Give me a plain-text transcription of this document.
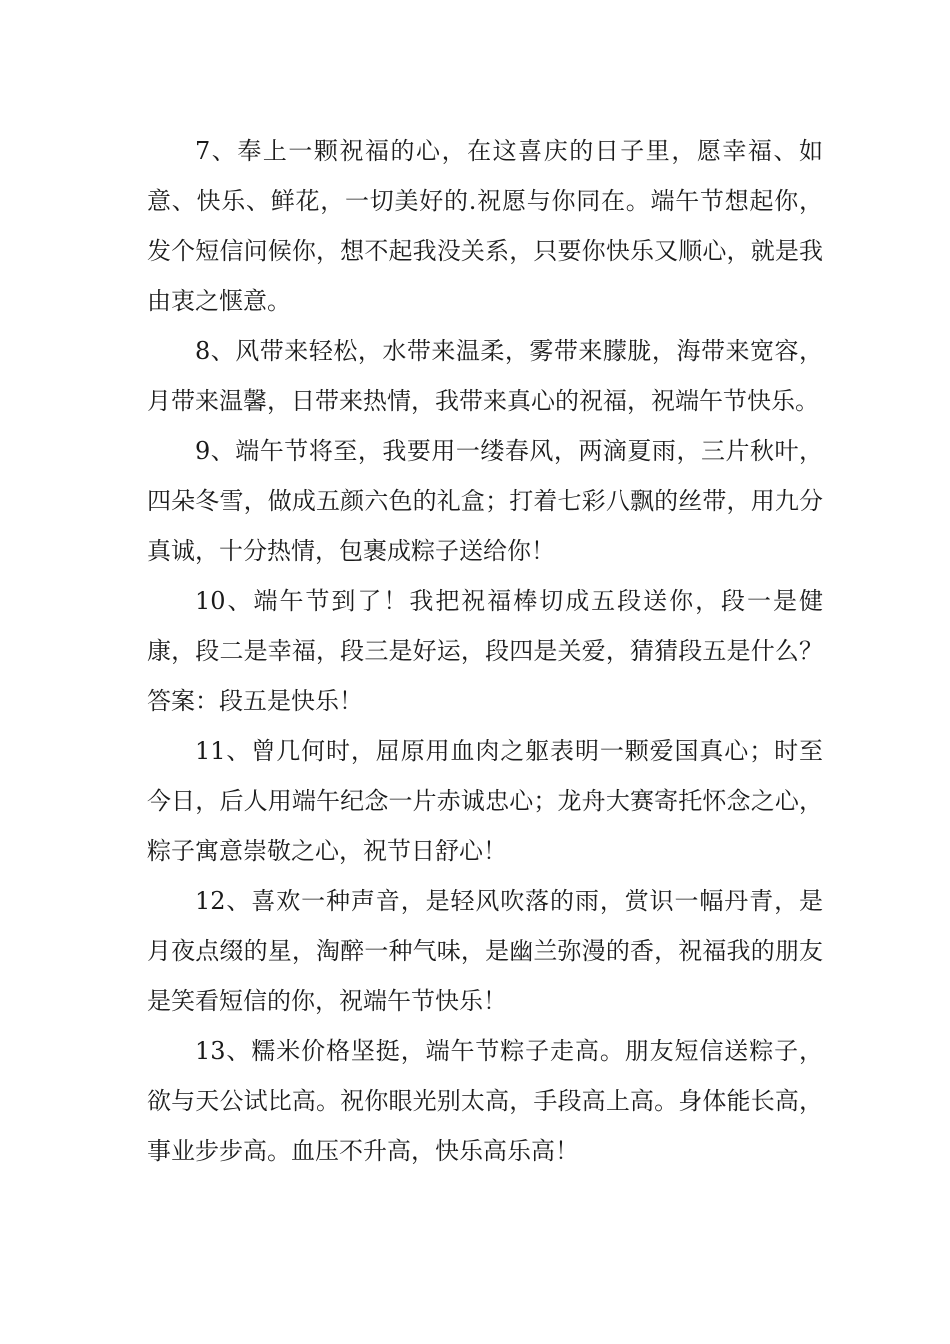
7、奉上一颗祝福的心，在这喜庆的日子里，愿幸福、如意、快乐、鲜花，一切美好的.祝愿与你同在。端午节想起你，发个短信问候你，想不起我没关系，只要你快乐又顺心，就是我由衷之惬意。

8、风带来轻松，水带来温柔，雾带来朦胧，海带来宽容，月带来温馨，日带来热情，我带来真心的祝福，祝端午节快乐。

9、端午节将至，我要用一缕春风，两滴夏雨，三片秋叶，四朵冬雪，做成五颜六色的礼盒；打着七彩八飘的丝带，用九分真诚，十分热情，包裹成粽子送给你！

10、端午节到了！我把祝福棒切成五段送你，段一是健康，段二是幸福，段三是好运，段四是关爱，猜猜段五是什么？答案：段五是快乐！

11、曾几何时，屈原用血肉之躯表明一颗爱国真心；时至今日，后人用端午纪念一片赤诚忠心；龙舟大赛寄托怀念之心，粽子寓意崇敬之心，祝节日舒心！

12、喜欢一种声音，是轻风吹落的雨，赏识一幅丹青，是月夜点缀的星，淘醉一种气味，是幽兰弥漫的香，祝福我的朋友是笑看短信的你，祝端午节快乐！

13、糯米价格坚挺，端午节粽子走高。朋友短信送粽子，欲与天公试比高。祝你眼光别太高，手段高上高。身体能长高，事业步步高。血压不升高，快乐高乐高！
